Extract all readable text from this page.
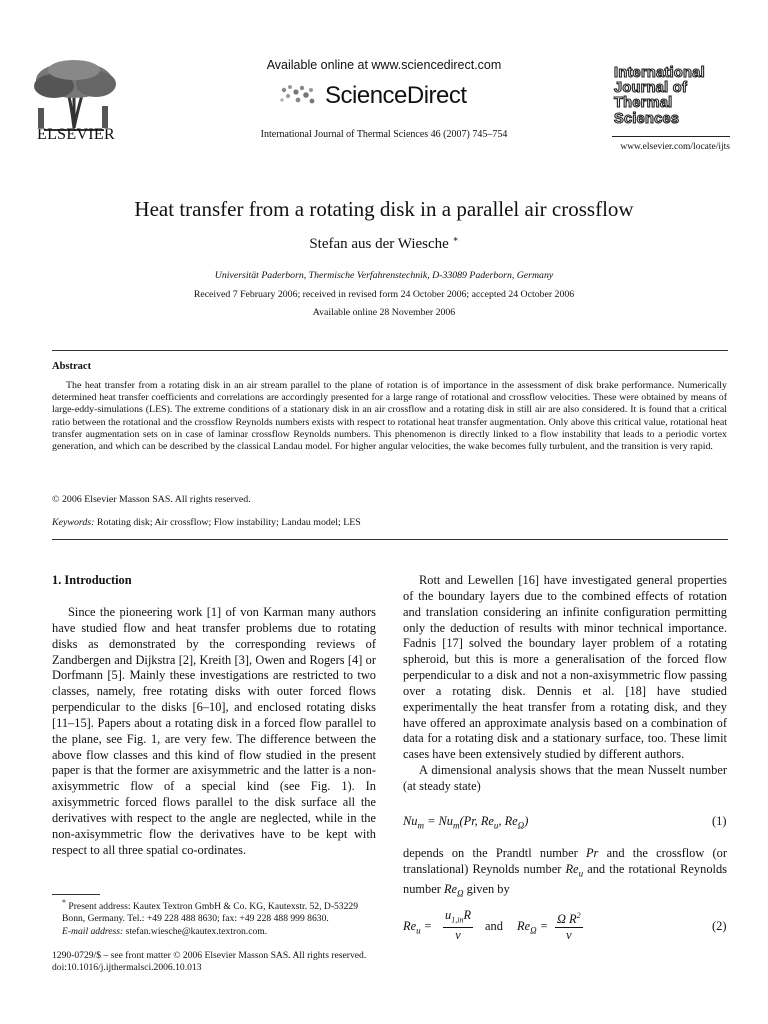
ELSEVIER
Available online at www.sciencedirect.com
ScienceDirect
International Journal of Thermal Sciences 46 (2007) 745–754
International
Journal of
Thermal
Sciences
www.elsevier.com/locate/ijts
Heat transfer from a rotating disk in a parallel air crossflow
Stefan aus der Wiesche ∗
Universität Paderborn, Thermische Verfahrenstechnik, D-33089 Paderborn, Germany
Received 7 February 2006; received in revised form 24 October 2006; accepted 24 October 2006
Available online 28 November 2006
Abstract
The heat transfer from a rotating disk in an air stream parallel to the plane of rotation is of importance in the assessment of disk brake performance. Numerically determined heat transfer coefficients and correlations are accordingly presented for a large range of rotational and crossflow velocities. These were obtained by means of large-eddy-simulations (LES). The extreme conditions of a stationary disk in an air crossflow and a rotating disk in still air are also considered. It is found that a critical ratio between the rotational and the crossflow Reynolds numbers exists with respect to rotational heat transfer augmentation. Only above this critical value, rotational heat transfer augmentation sets on in case of laminar crossflow Reynolds numbers. This phenomenon is directly linked to a flow instability that leads to a periodic vortex generation, and which can be described by the classical Landau model. For higher angular velocities, the wake becomes fully turbulent, and the transition is very rapid.
© 2006 Elsevier Masson SAS. All rights reserved.
Keywords: Rotating disk; Air crossflow; Flow instability; Landau model; LES
1. Introduction

Since the pioneering work [1] of von Karman many authors have studied flow and heat transfer problems due to rotating disks as demonstrated by the corresponding reviews of Zandbergen and Dijkstra [2], Kreith [3], Owen and Rogers [4] or Dorfmann [5]. Mainly these investigations are restricted to two classes, namely, free rotating disks with outer forced flows perpendicular to the disks [6–10], and enclosed rotating disks [11–15]. Papers about a rotating disk in a forced flow parallel to the plane, see Fig. 1, are very few. The difference between the above flow classes and this kind of flow studied in the present paper is that the former are axisymmetric and the latter is a non-axisymmetric flow of a special kind (see Fig. 1). In axisymmetric forced flows parallel to the disk surface all the derivatives with respect to the angle are neglected, while in the non-axisymmetric flow the derivatives have to be kept with respect to all three spatial co-ordinates.

* Present address: Kautex Textron GmbH & Co. KG, Kautexstr. 52, D-53229 Bonn, Germany. Tel.: +49 228 488 8630; fax: +49 228 488 999 8630.
E-mail address: stefan.wiesche@kautex.textron.com.
1290-0729/$ – see front matter © 2006 Elsevier Masson SAS. All rights reserved.
doi:10.1016/j.ijthermalsci.2006.10.013

Rott and Lewellen [16] have investigated general properties of the boundary layers due to the combined effects of rotation and translation considering an infinite configuration permitting only the deduction of results with minor technical importance. Fadnis [17] solved the boundary layer problem of a rotating spheroid, but this is more a generalisation of the forced flow perpendicular to a disk and not a non-axisymmetric flow passing over a rotating disk. Dennis et al. [18] have studied experimentally the heat transfer from a rotating disk, and they have offered an approximate analysis based on a combination of data for a rotating disk and a stationary surface, too. These limit cases have been extensively studied by different authors.

A dimensional analysis shows that the mean Nusselt number (at steady state)

$Nu_m = Nu_m(Pr$, $Re_u$, $Re_\Omega$)	(1)
depends on the Prandtl number Pr and the crossflow (or translational) Reynolds number $Re_u$ and the rotational Reynolds number $Re_\Omega$ given by
$Re_u$ =
$u_{1,in}R$
ν
and $Re_\Omega = \frac{\Omega R^2}{\nu}$	(2)
